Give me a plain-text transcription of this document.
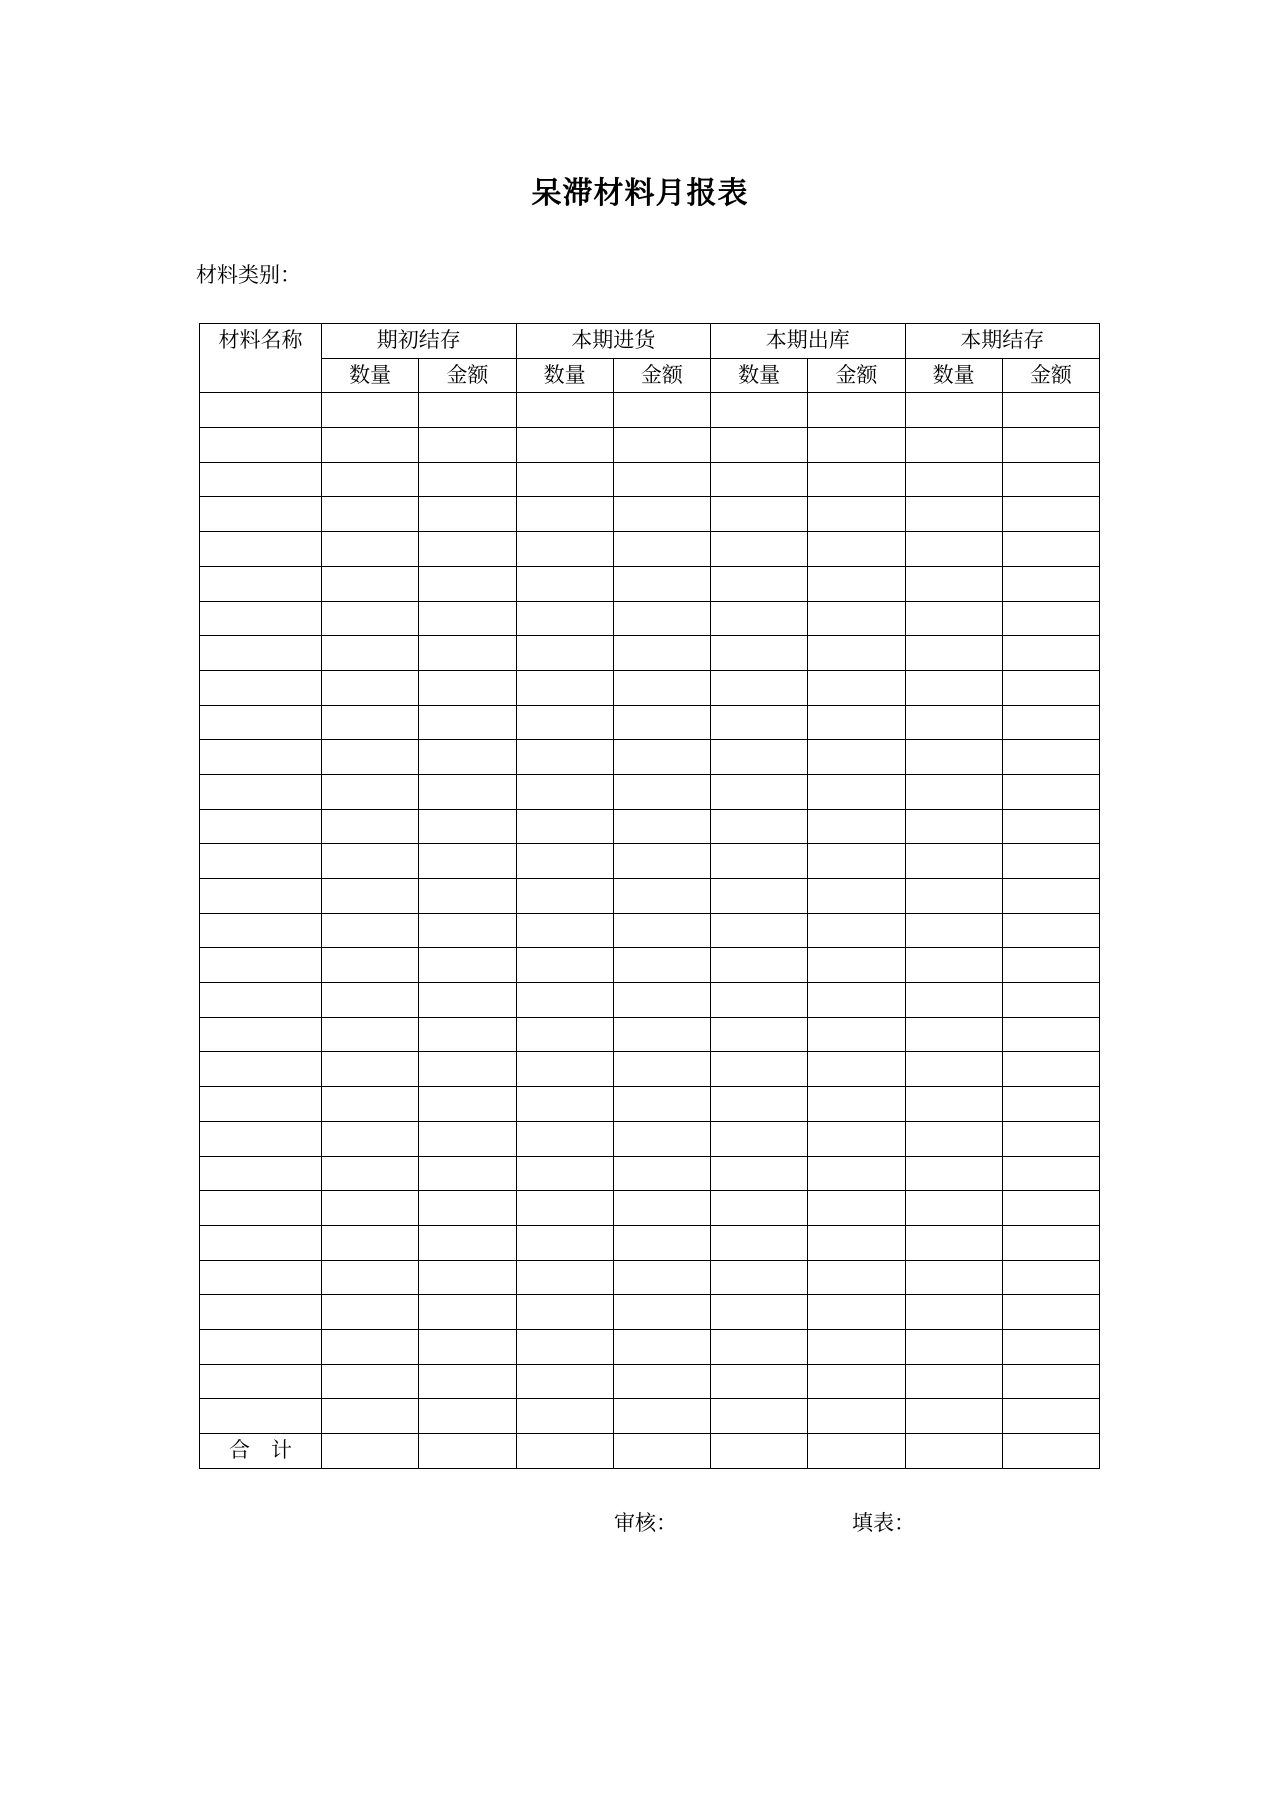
呆滞材料月报表
材料类别：
材料名称	期初结存		本期进货		本期出库		本期结存	
	数量	金额	数量	金额	数量	金额	数量	金额

合　计								
审核：	填表：
